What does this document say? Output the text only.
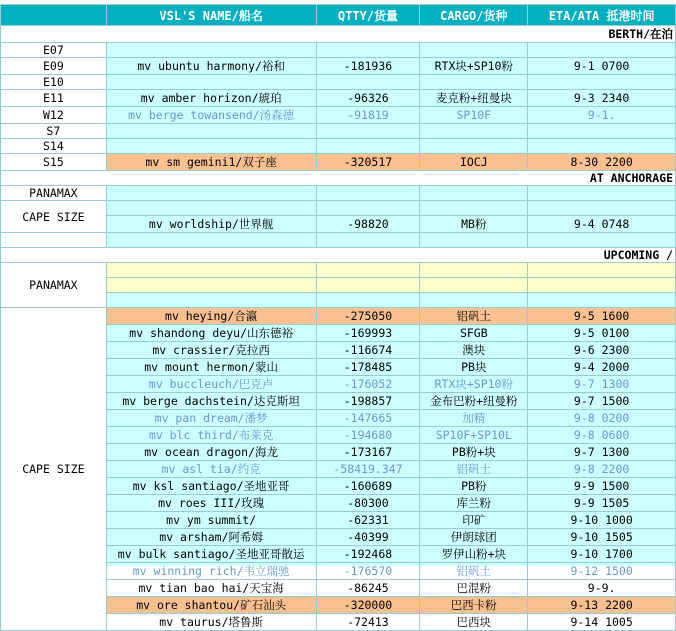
	VSL'S NAME/船名	QTTY/货量	CARGO/货种	ETA/ATA 抵港时间
BERTH/在泊				
E07				
E09	mv ubuntu harmony/裕和	-181936	RTX块+SP10粉	9-1 0700
E10				
E11	mv amber horizon/琥珀	-96326	麦克粉+纽曼块	9-3 2340
W12	mv berge towansend/汤森德	-91819	SP10F	9-1.
S7				
S14				
S15	mv sm gemini1/双子座	-320517	IOCJ	8-30 2200
AT ANCHORAGE				
PANAMAX				
CAPE SIZE				
	mv worldship/世界舰	-98820	MB粉	9-4 0748

UPCOMING /				
PANAMAX				

CAPE SIZE	mv heying/合瀛	-275050	铝矾土	9-5 1600
	mv shandong deyu/山东德裕	-169993	SFGB	9-5 0100
	mv crassier/克拉西	-116674	澳块	9-6 2300
	mv mount hermon/蒙山	-178485	PB块	9-4 2000
	mv buccleuch/巴克卢	-176052	RTX块+SP10粉	9-7 1300
	mv berge dachstein/达克斯坦	-198857	金布巴粉+纽曼粉	9-7 1500
	mv pan dream/潘梦	-147665	加精	9-8 0200
	mv blc third/布莱克	-194680	SP10F+SP10L	9-8 0600
	mv ocean dragon/海龙	-173167	PB粉+块	9-7 1300
	mv asl tia/约克	-58419.347	铝矾土	9-8 2200
	mv ksl santiago/圣地亚哥	-160689	PB粉	9-9 1500
	mv roes III/玫瑰	-80300	库兰粉	9-9 1505
	mv ym summit/	-62331	印矿	9-10 1000
	mv arsham/阿希姆	-40399	伊朗球团	9-10 1505
	mv bulk santiago/圣地亚哥散运	-192468	罗伊山粉+块	9-10 1700
	mv winning rich/韦立瑞驰	-176570	铝矾土	9-12 1500
	mv tian bao hai/天宝海	-86245	巴混粉	9-9.
	mv ore shantou/矿石汕头	-320000	巴西卡粉	9-13 2200
	mv taurus/塔鲁斯	-72413	巴西块	9-14 1005
